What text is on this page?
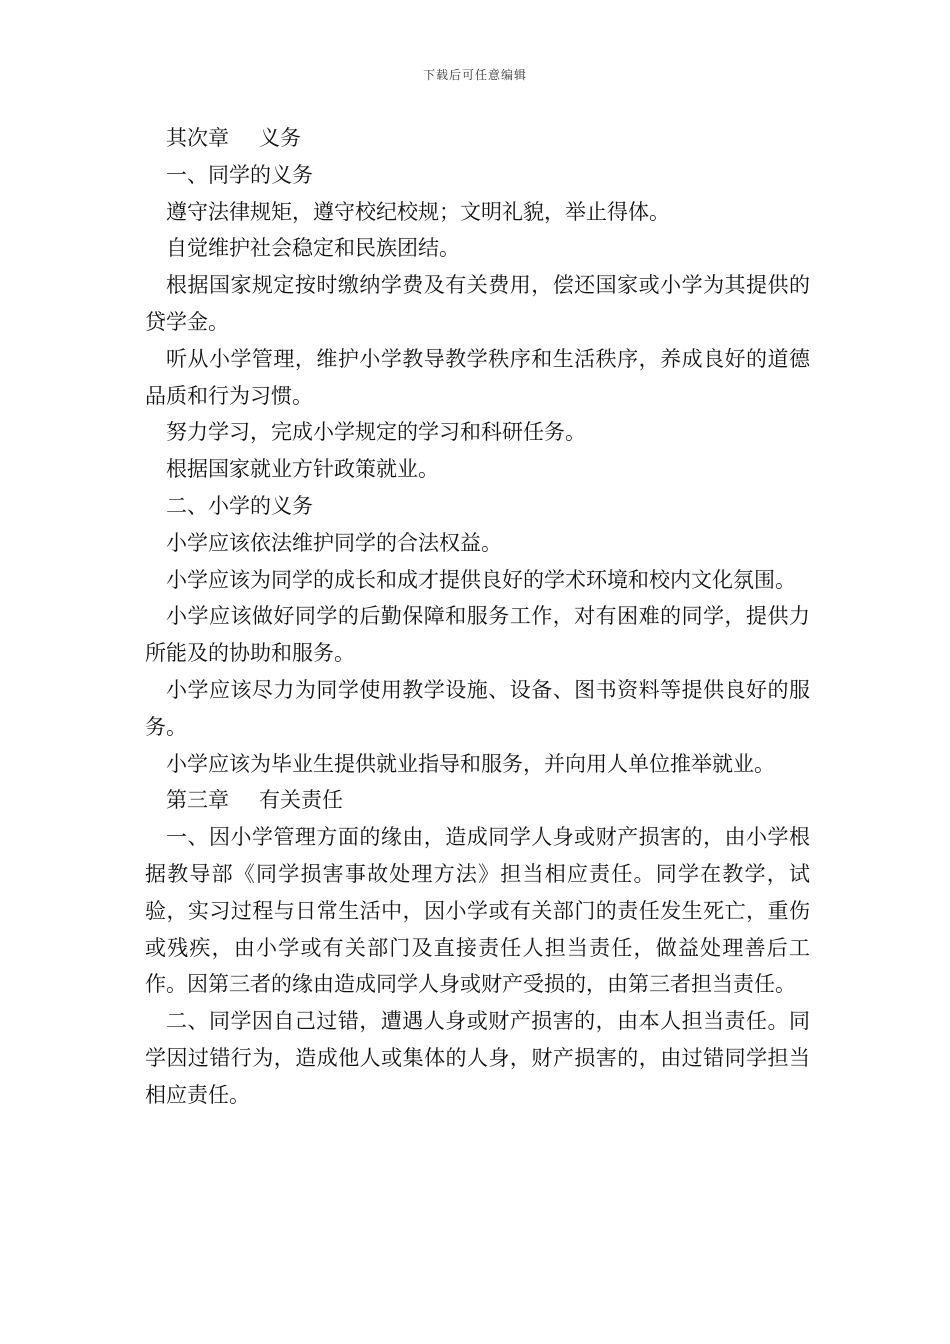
下载后可任意编辑

其次章 义务

一、同学的义务

遵守法律规矩，遵守校纪校规；文明礼貌，举止得体。

自觉维护社会稳定和民族团结。

根据国家规定按时缴纳学费及有关费用，偿还国家或小学为其提供的贷学金。

听从小学管理，维护小学教导教学秩序和生活秩序，养成良好的道德品质和行为习惯。

努力学习，完成小学规定的学习和科研任务。

根据国家就业方针政策就业。

二、小学的义务

小学应该依法维护同学的合法权益。

小学应该为同学的成长和成才提供良好的学术环境和校内文化氛围。

小学应该做好同学的后勤保障和服务工作，对有困难的同学，提供力所能及的协助和服务。

小学应该尽力为同学使用教学设施、设备、图书资料等提供良好的服务。

小学应该为毕业生提供就业指导和服务，并向用人单位推举就业。

第三章 有关责任

一、因小学管理方面的缘由，造成同学人身或财产损害的，由小学根据教导部《同学损害事故处理方法》担当相应责任。同学在教学，试验，实习过程与日常生活中，因小学或有关部门的责任发生死亡，重伤或残疾，由小学或有关部门及直接责任人担当责任，做益处理善后工作。因第三者的缘由造成同学人身或财产受损的，由第三者担当责任。

二、同学因自己过错，遭遇人身或财产损害的，由本人担当责任。同学因过错行为，造成他人或集体的人身，财产损害的，由过错同学担当相应责任。
